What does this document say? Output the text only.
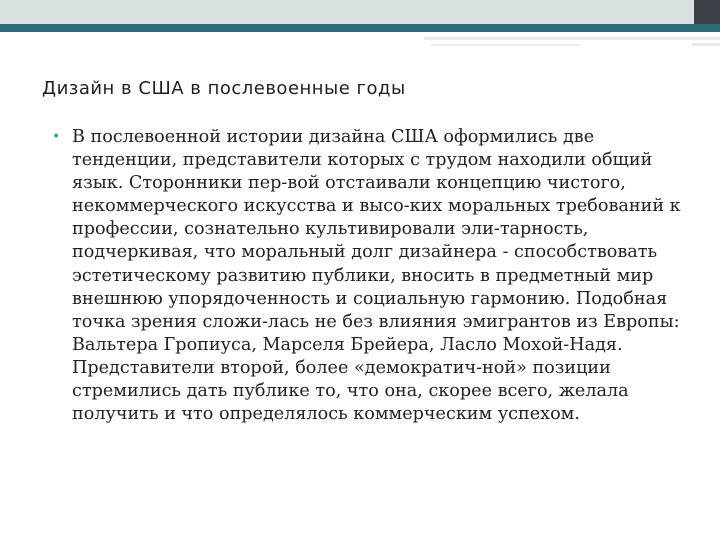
Дизайн в США в послевоенные годы
• В послевоенной истории дизайна США оформились две тенденции, представители которых с трудом находили общий язык. Сторонники пер-вой отстаивали концепцию чистого, некоммерческого искусства и высо-ких моральных требований к профессии, сознательно культивировали эли-тарность, подчеркивая, что моральный долг дизайнера - способствовать эстетическому развитию публики, вносить в предметный мир внешнюю упорядоченность и социальную гармонию. Подобная точка зрения сложи-лась не без влияния эмигрантов из Европы: Вальтера Гропиуса, Марселя Брейера, Ласло Мохой-Надя. Представители второй, более «демократич-ной» позиции стремились дать публике то, что она, скорее всего, желала получить и что определялось коммерческим успехом.
